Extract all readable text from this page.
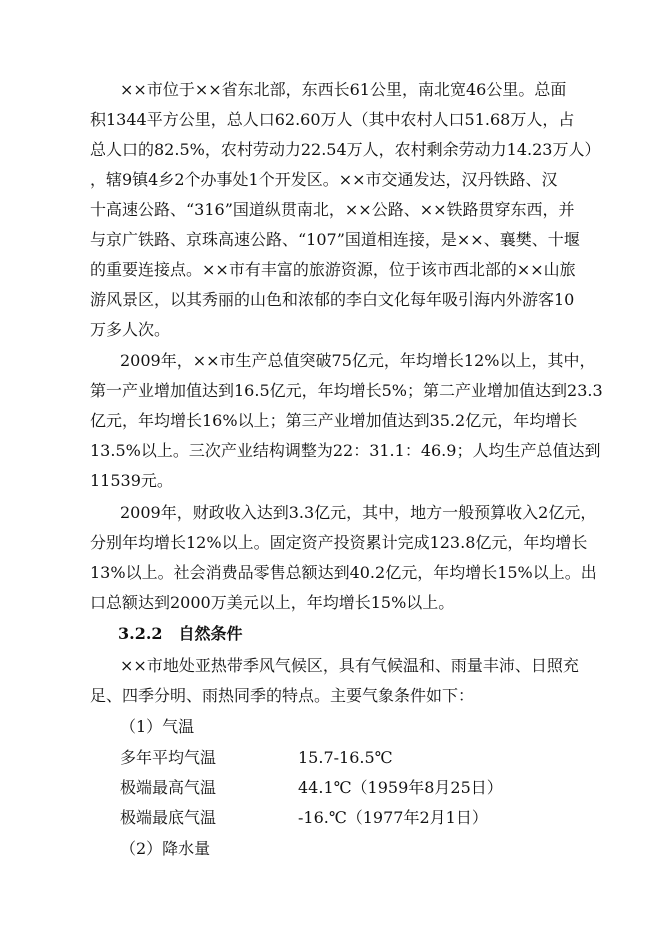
××市位于××省东北部，东西长61公里，南北宽46公里。总面
积1344平方公里，总人口62.60万人（其中农村人口51.68万人，占
总人口的82.5%，农村劳动力22.54万人，农村剩余劳动力14.23万人）
，辖9镇4乡2个办事处1个开发区。××市交通发达，汉丹铁路、汉
十高速公路、“316”国道纵贯南北，××公路、××铁路贯穿东西，并
与京广铁路、京珠高速公路、“107”国道相连接，是××、襄樊、十堰
的重要连接点。××市有丰富的旅游资源，位于该市西北部的××山旅
游风景区，以其秀丽的山色和浓郁的李白文化每年吸引海内外游客10
万多人次。
2009年，××市生产总值突破75亿元，年均增长12%以上，其中，
第一产业增加值达到16.5亿元，年均增长5%；第二产业增加值达到23.3
亿元，年均增长16%以上；第三产业增加值达到35.2亿元，年均增长
13.5%以上。三次产业结构调整为22：31.1：46.9；人均生产总值达到
11539元。
2009年，财政收入达到3.3亿元，其中，地方一般预算收入2亿元，
分别年均增长12%以上。固定资产投资累计完成123.8亿元，年均增长
13%以上。社会消费品零售总额达到40.2亿元，年均增长15%以上。出
口总额达到2000万美元以上，年均增长15%以上。
3.2.2　自然条件
××市地处亚热带季风气候区，具有气候温和、雨量丰沛、日照充
足、四季分明、雨热同季的特点。主要气象条件如下：
（1）气温
多年平均气温	15.7-16.5℃
极端最高气温	44.1℃（1959年8月25日）
极端最底气温	-16.℃（1977年2月1日）
（2）降水量
